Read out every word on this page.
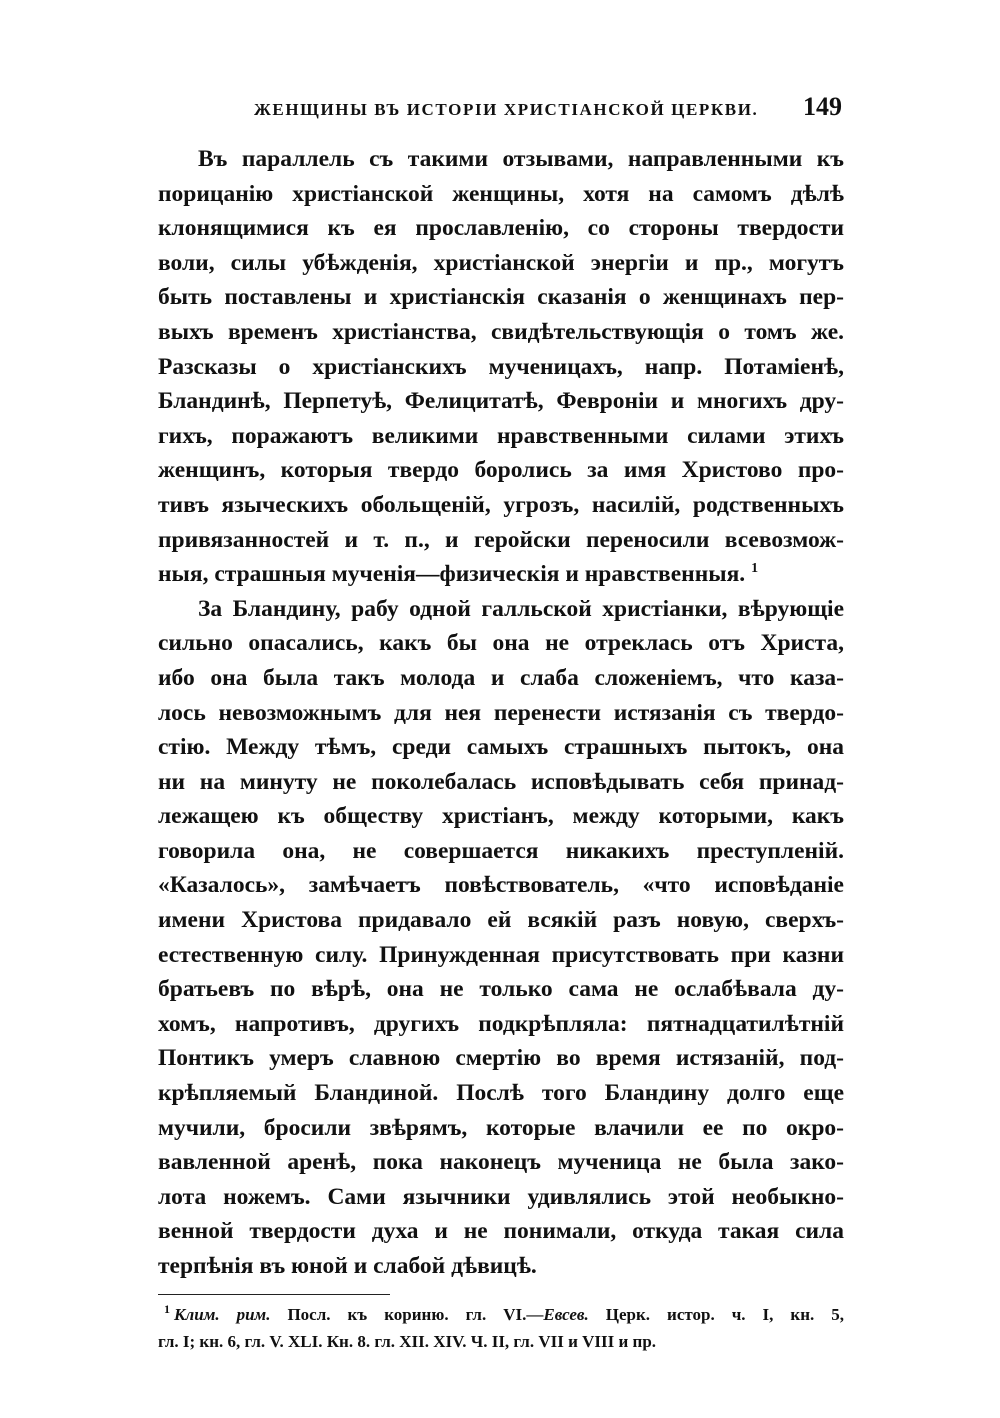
ЖЕНЩИНЫ ВЪ ИСТОРІИ ХРИСТІАНСКОЙ ЦЕРКВИ. 149

Въ параллель съ такими отзывами, направленными къ
порицанію христіанской женщины, хотя на самомъ дѣлѣ
клонящимися къ ея прославленію, со стороны твердости
воли, силы убѣжденія, христіанской энергіи и пр., могутъ
быть поставлены и христіанскія сказанія о женщинахъ пер-
выхъ временъ христіанства, свидѣтельствующія о томъ же.
Разсказы о христіанскихъ мученицахъ, напр. Потаміенѣ,
Бландинѣ, Перпетуѣ, Фелицитатѣ, Февроніи и многихъ дру-
гихъ, поражаютъ великими нравственными силами этихъ
женщинъ, которыя твердо боролись за имя Христово про-
тивъ языческихъ обольщеній, угрозъ, насилій, родственныхъ
привязанностей и т. п., и геройски переносили всевозмож-
ныя, страшныя мученія—физическія и нравственныя. $^1$

За Бландину, рабу одной галльской христіанки, вѣрующіе
сильно опасались, какъ бы она не отреклась отъ Христа,
ибо она была такъ молода и слаба сложеніемъ, что каза-
лось невозможнымъ для нея перенести истязанія съ твердо-
стію. Между тѣмъ, среди самыхъ страшныхъ пытокъ, она
ни на минуту не поколебалась исповѣдывать себя принад-
лежащею къ обществу христіанъ, между которыми, какъ
говорила она, не совершается никакихъ преступленій.
«Казалось», замѣчаетъ повѣствователь, «что исповѣданіе
имени Христова придавало ей всякій разъ новую, сверхъ-
естественную силу. Принужденная присутствовать при казни
братьевъ по вѣрѣ, она не только сама не ослабѣвала ду-
хомъ, напротивъ, другихъ подкрѣпляла: пятнадцатилѣтній
Понтикъ умеръ славною смертію во время истязаній, под-
крѣпляемый Бландиной. Послѣ того Бландину долго еще
мучили, бросили звѣрямъ, которые влачили ее по окро-
вавленной аренѣ, пока наконецъ мученица не была зако-
лота ножемъ. Сами язычники удивлялись этой необыкно-
венной твердости духа и не понимали, откуда такая сила
терпѣнія въ юной и слабой дѣвицѣ.

$^1$ Клим. рим. Посл. къ кориню. гл. VI.—Евсев. Церк. истор. ч. I, кн. 5,
гл. I; кн. 6, гл. V. XLI. Кн. 8. гл. XII. XIV. Ч. II, гл. VII и VIII и пр.
